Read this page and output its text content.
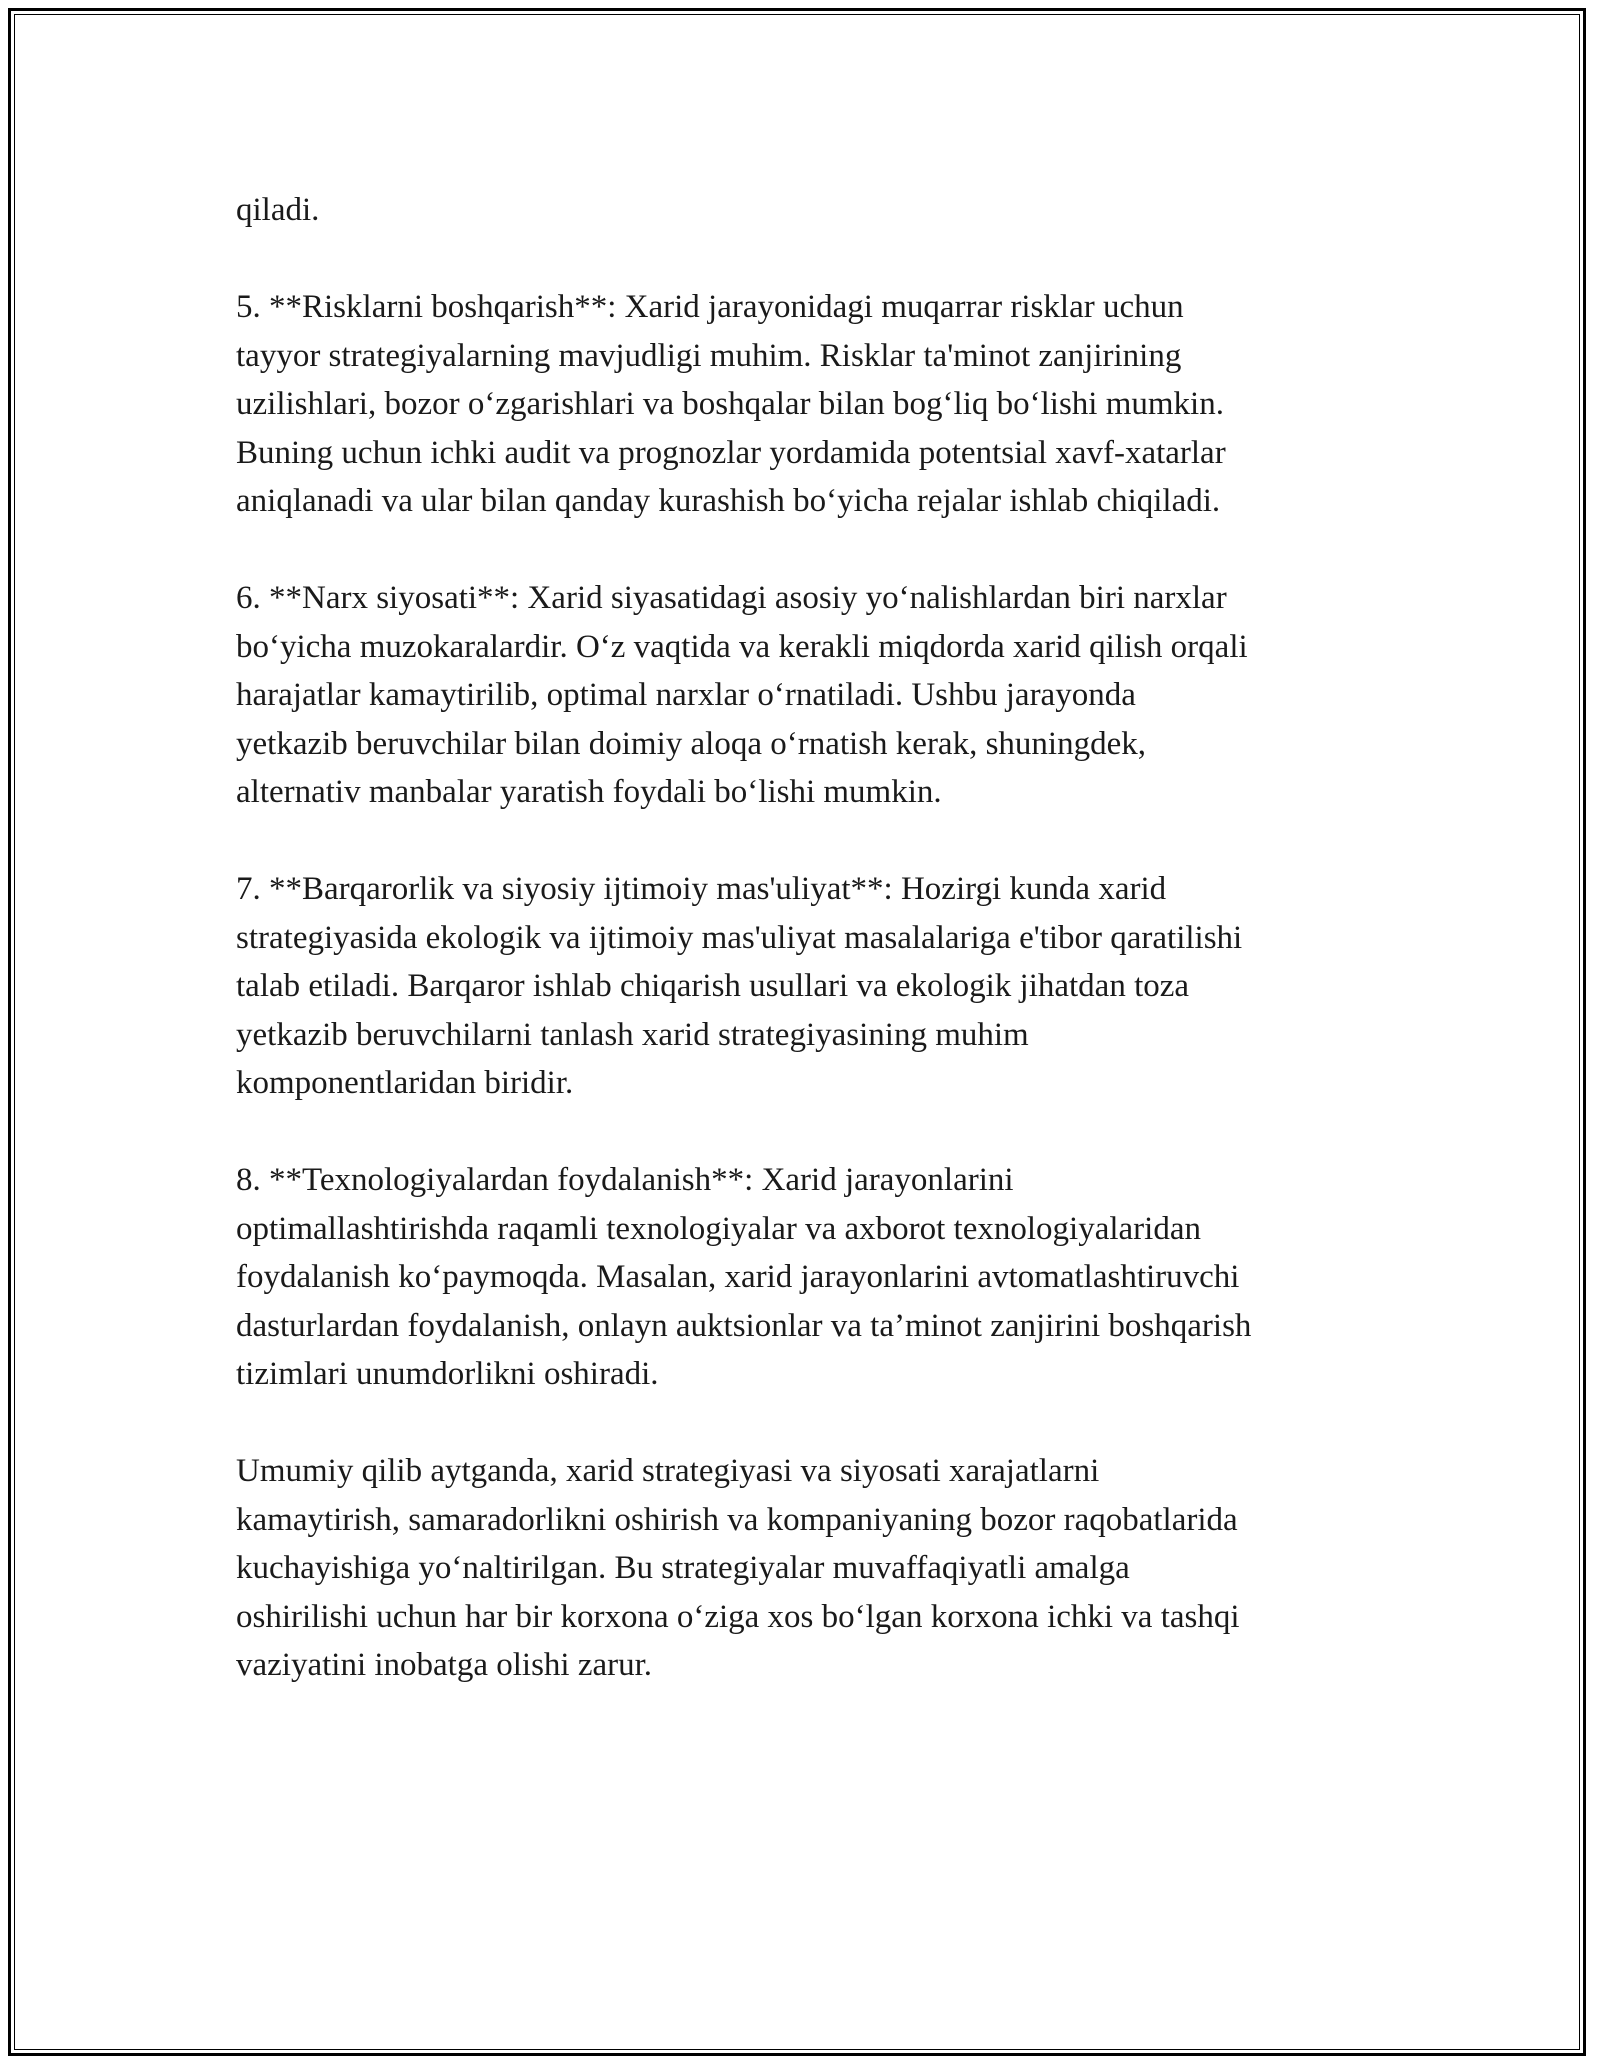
qiladi.

5. **Risklarni boshqarish**: Xarid jarayonidagi muqarrar risklar uchun
tayyor strategiyalarning mavjudligi muhim. Risklar ta'minot zanjirining
uzilishlari, bozor o‘zgarishlari va boshqalar bilan bog‘liq bo‘lishi mumkin.
Buning uchun ichki audit va prognozlar yordamida potentsial xavf-xatarlar
aniqlanadi va ular bilan qanday kurashish bo‘yicha rejalar ishlab chiqiladi.

6. **Narx siyosati**: Xarid siyasatidagi asosiy yo‘nalishlardan biri narxlar
bo‘yicha muzokaralardir. O‘z vaqtida va kerakli miqdorda xarid qilish orqali
harajatlar kamaytirilib, optimal narxlar o‘rnatiladi. Ushbu jarayonda
yetkazib beruvchilar bilan doimiy aloqa o‘rnatish kerak, shuningdek,
alternativ manbalar yaratish foydali bo‘lishi mumkin.

7. **Barqarorlik va siyosiy ijtimoiy mas'uliyat**: Hozirgi kunda xarid
strategiyasida ekologik va ijtimoiy mas'uliyat masalalariga e'tibor qaratilishi
talab etiladi. Barqaror ishlab chiqarish usullari va ekologik jihatdan toza
yetkazib beruvchilarni tanlash xarid strategiyasining muhim
komponentlaridan biridir.

8. **Texnologiyalardan foydalanish**: Xarid jarayonlarini
optimallashtirishda raqamli texnologiyalar va axborot texnologiyalaridan
foydalanish ko‘paymoqda. Masalan, xarid jarayonlarini avtomatlashtiruvchi
dasturlardan foydalanish, onlayn auktsionlar va ta’minot zanjirini boshqarish
tizimlari unumdorlikni oshiradi.

Umumiy qilib aytganda, xarid strategiyasi va siyosati xarajatlarni
kamaytirish, samaradorlikni oshirish va kompaniyaning bozor raqobatlarida
kuchayishiga yo‘naltirilgan. Bu strategiyalar muvaffaqiyatli amalga
oshirilishi uchun har bir korxona o‘ziga xos bo‘lgan korxona ichki va tashqi
vaziyatini inobatga olishi zarur.
